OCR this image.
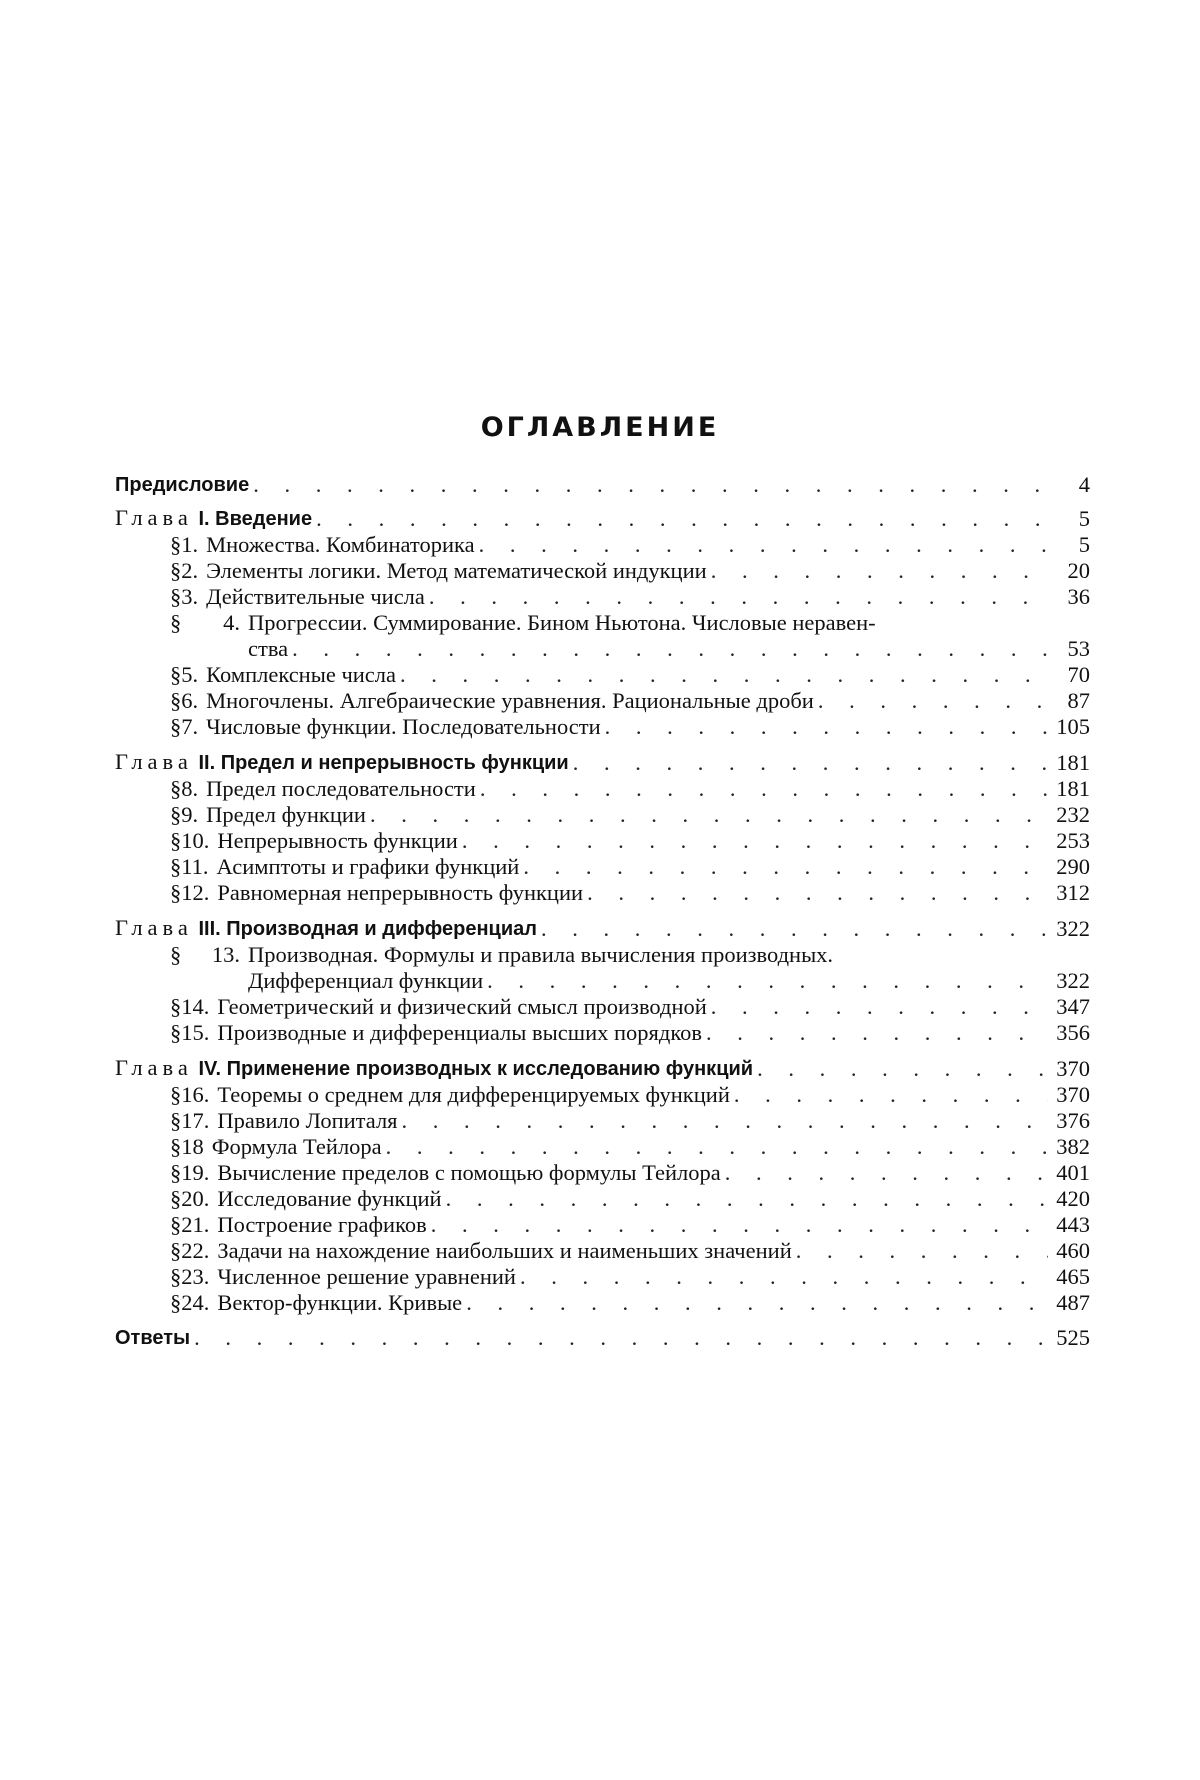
ОГЛАВЛЕНИЕ
Предисловие . . .	4
Глава I. Введение . . .	5
§ 1. Множества. Комбинаторика . . .	5
§ 2. Элементы логики. Метод математической индукции . . .	20
§ 3. Действительные числа . . .	36
§	4. Прогрессии. Суммирование. Бином Ньютона. Числовые неравен-
ства . . .	53
§ 5. Комплексные числа . . .	70
§ 6. Многочлены. Алгебраические уравнения. Рациональные дроби . . .	87
§ 7. Числовые функции. Последовательности . . .	105
Глава II. Предел и непрерывность функции . . .	181
§ 8. Предел последовательности . . .	181
§ 9. Предел функции . . .	232
§ 10. Непрерывность функции . . .	253
§ 11. Асимптоты и графики функций . . .	290
§ 12. Равномерная непрерывность функции . . .	312
Глава III. Производная и дифференциал . . .	322
§	13. Производная. Формулы и правила вычисления производных.
Дифференциал функции . . .	322
§ 14. Геометрический и физический смысл производной . . .	347
§ 15. Производные и дифференциалы высших порядков . . .	356
Глава IV. Применение производных к исследованию функций . . .	370
§ 16. Теоремы о среднем для дифференцируемых функций . . .	370
§ 17. Правило Лопиталя . . .	376
§ 18 Формула Тейлора . . .	382
§ 19. Вычисление пределов с помощью формулы Тейлора . . .	401
§ 20. Исследование функций . . .	420
§ 21. Построение графиков . . .	443
§ 22. Задачи на нахождение наибольших и наименьших значений . . .	460
§ 23. Численное решение уравнений . . .	465
§ 24. Вектор-функции. Кривые . . .	487
Ответы . . .	525
